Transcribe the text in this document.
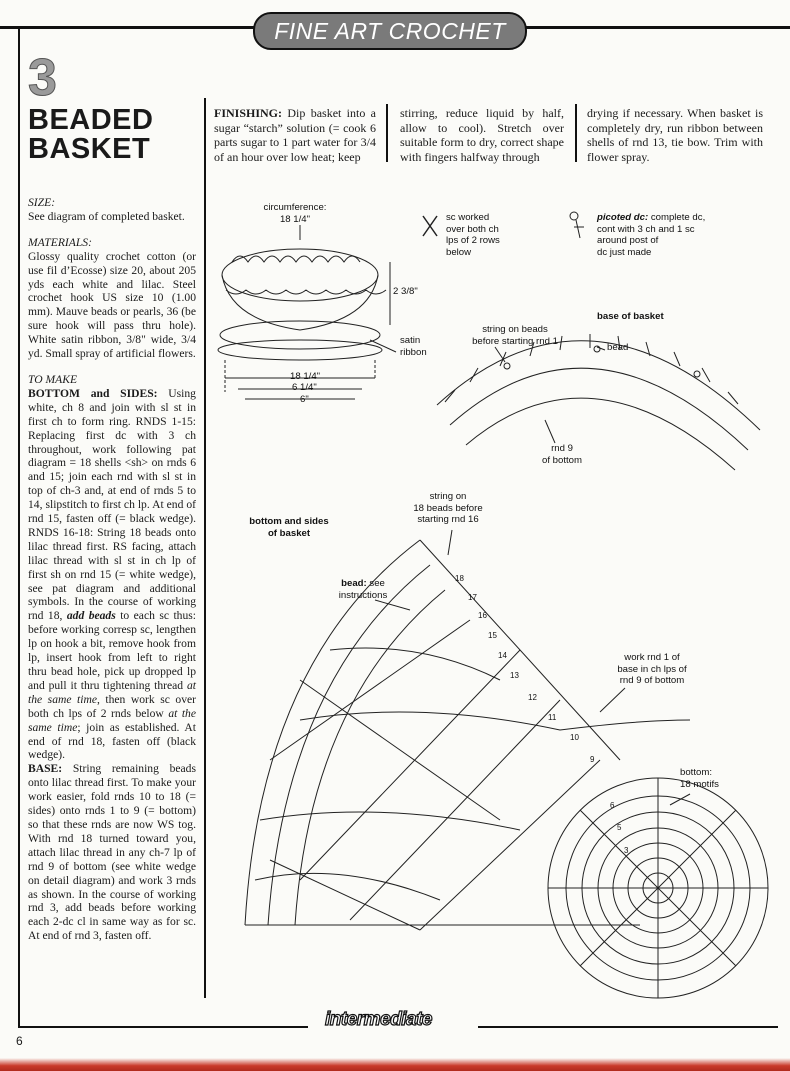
FINE ART CROCHET
3
BEADED
BASKET

SIZE:

See diagram of completed basket.

MATERIALS:

Glossy quality crochet cotton (or use fil d’Ecosse) size 20, about 205 yds each white and lilac. Steel crochet hook US size 10 (1.00 mm). Mauve beads or pearls, 36 (be sure hook will pass thru hole). White satin ribbon, 3/8" wide, 3/4 yd. Small spray of artificial flowers.

TO MAKE

BOTTOM and SIDES: Using white, ch 8 and join with sl st in first ch to form ring. RNDS 1-15: Replacing first dc with 3 ch throughout, work following pat diagram = 18 shells <sh> on rnds 6 and 15; join each rnd with sl st in top of ch-3 and, at end of rnds 5 to 14, slipstitch to first ch lp. At end of rnd 15, fasten off (= black wedge). RNDS 16-18: String 18 beads onto lilac thread first. RS facing, attach lilac thread with sl st in ch lp of first sh on rnd 15 (= white wedge), see pat diagram and additional symbols. In the course of working rnd 18, add beads to each sc thus: before working corresp sc, lengthen lp on hook a bit, remove hook from lp, insert hook from left to right thru bead hole, pick up dropped lp and pull it thru tightening thread at the same time, then work sc over both ch lps of 2 rnds below at the same time; join as established. At end of rnd 18, fasten off (black wedge).

BASE: String remaining beads onto lilac thread first. To make your work easier, fold rnds 10 to 18 (= sides) onto rnds 1 to 9 (= bottom) so that these rnds are now WS tog. With rnd 18 turned toward you, attach lilac thread in any ch-7 lp of rnd 9 of bottom (see white wedge on detail diagram) and work 3 rnds as shown. In the course of working rnd 3, add beads before working each 2-dc cl in same way as for sc. At end of rnd 3, fasten off.

FINISHING: Dip basket into a sugar “starch” solution (= cook 6 parts sugar to 1 part water for 3/4 of an hour over low heat; keep
stirring, reduce liquid by half, allow to cool). Stretch over suitable form to dry, correct shape with fingers halfway through
drying if necessary. When basket is completely dry, run ribbon between shells of rnd 13, tie bow. Trim with flower spray.
circumference:
18 1/4"
2 3/8"
satin
ribbon
18 1/4"
6 1/4"
6"
sc worked
over both ch
lps of 2 rows
below
picoted dc: complete dc,
cont with 3 ch and 1 sc
around post of
dc just made
base of basket
string on beads
before starting rnd 1
bead
rnd 9
of bottom
string on
18 beads before
starting rnd 16
bottom and sides
of basket
bead: see
instructions
work rnd 1 of
base in ch lps of
rnd 9 of bottom
bottom:
18 motifs
18
17
16
15
14
13
12
11
10
9
6
5
3
intermediate
6
